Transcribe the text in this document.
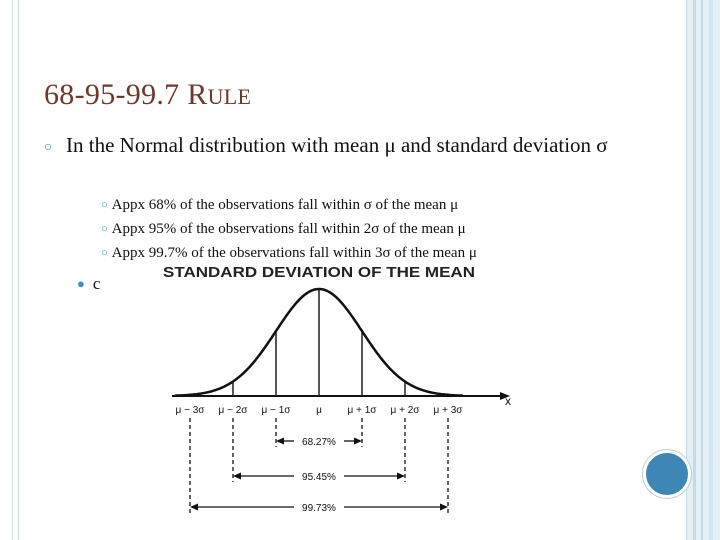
68-95-99.7 RULE
○ In the Normal distribution with mean μ and standard deviation σ
○ Appx 68% of the observations fall within σ of the mean μ
○ Appx 95% of the observations fall within 2σ of the mean μ
○ Appx 99.7% of the observations fall within 3σ of the mean μ
● c
STANDARD DEVIATION OF THE MEAN
x
μ − 3σ μ − 2σ μ − 1σ	μ	μ + 1σ μ + 2σ μ + 3σ
68.27%
95.45%
99.73%
